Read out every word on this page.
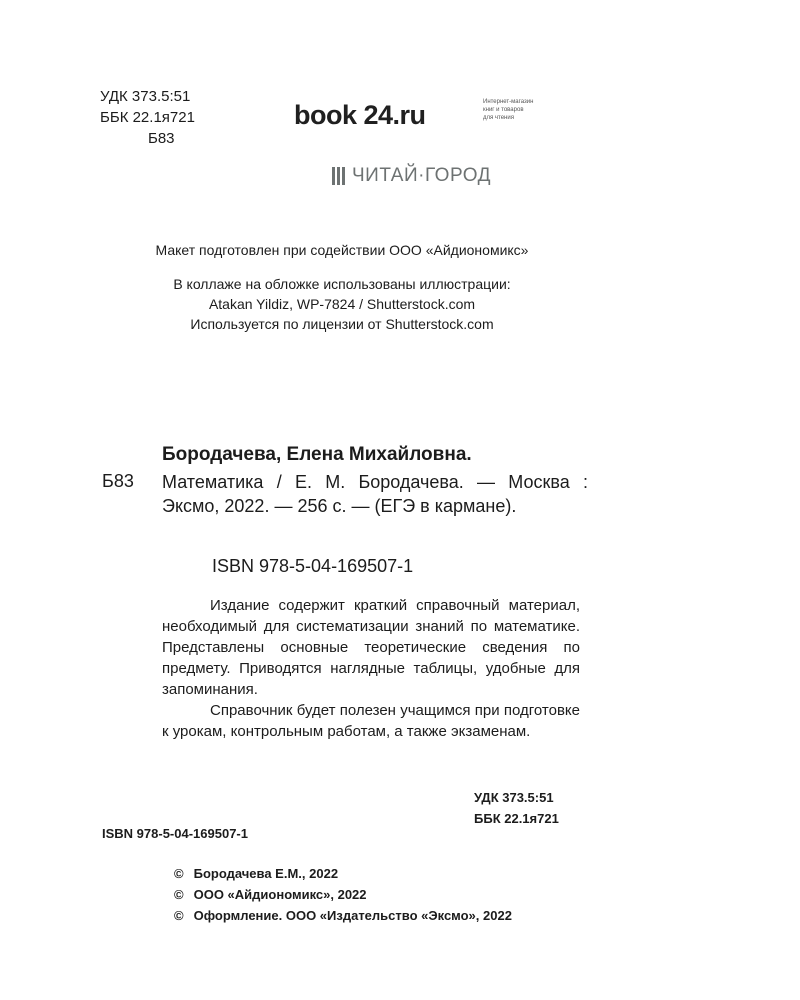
УДК 373.5:51
ББК 22.1я721
Б83
book 24.ru	Интернет-магазин
книг и товаров
для чтения
ЧИТАЙ·ГОРОД
Макет подготовлен при содействии ООО «Айдиономикс»
В коллаже на обложке использованы иллюстрации:
Atakan Yildiz, WP-7824 / Shutterstock.com
Используется по лицензии от Shutterstock.com
Бородачева, Елена Михайловна.
Б83 Математика / Е. М. Бородачева. — Москва : Эксмо, 2022. — 256 с. — (ЕГЭ в кармане).
ISBN 978-5-04-169507-1

Издание содержит краткий справочный материал, необходимый для систематизации знаний по математике. Представлены основные теоретические сведения по предмету. Приводятся наглядные таблицы, удобные для запоминания.

Справочник будет полезен учащимся при подготовке к урокам, контрольным работам, а также экзаменам.

УДК 373.5:51
ББК 22.1я721
ISBN 978-5-04-169507-1
© Бородачева Е.М., 2022
© ООО «Айдиономикс», 2022
© Оформление. ООО «Издательство «Эксмо», 2022
